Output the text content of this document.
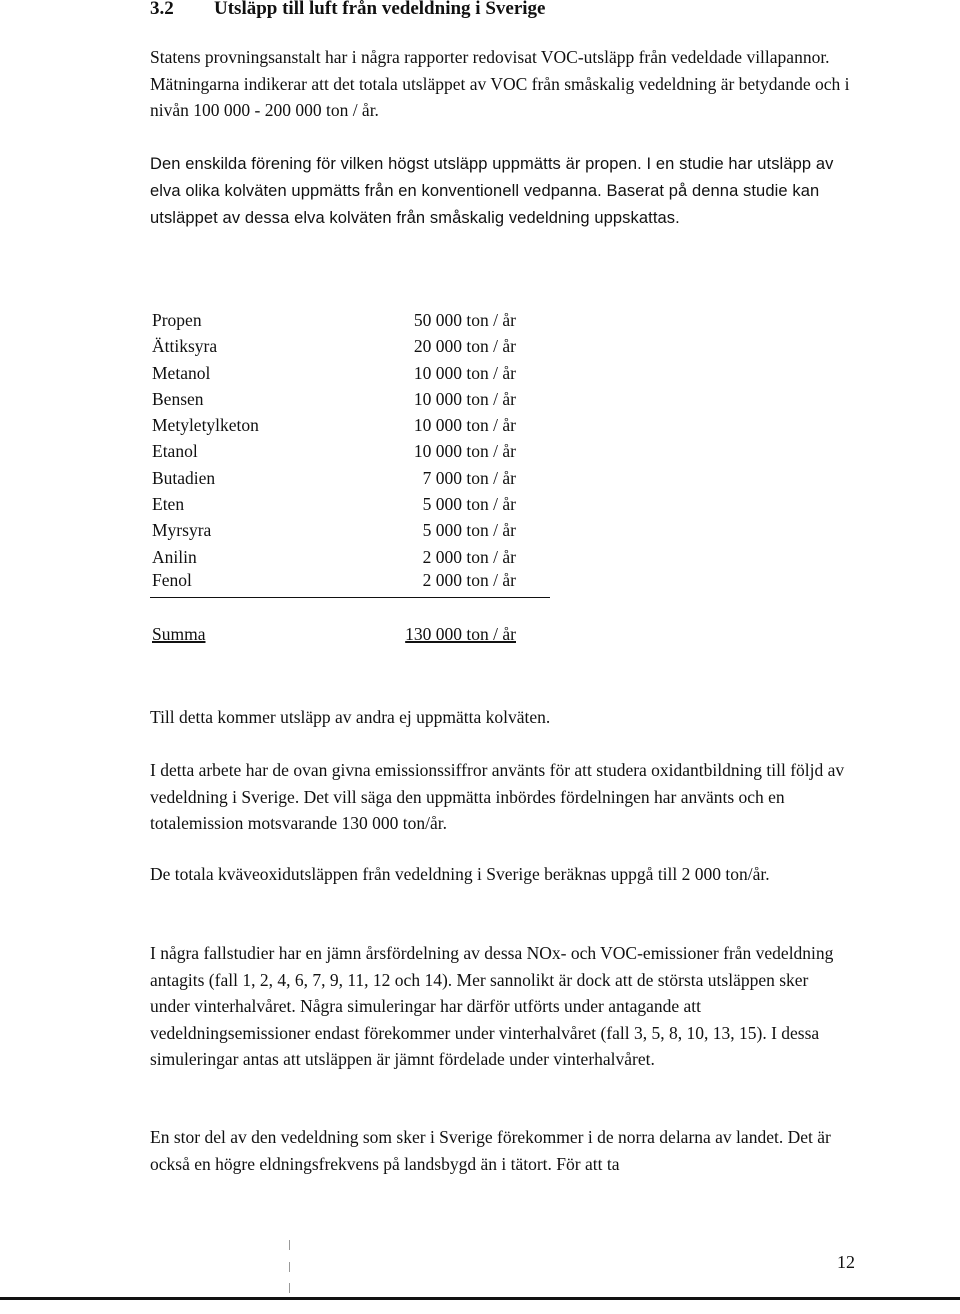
3.2 Utsläpp till luft från vedeldning i Sverige

Statens provningsanstalt har i några rapporter redovisat VOC-utsläpp från vedeldade villapannor. Mätningarna indikerar att det totala utsläppet av VOC från småskalig vedeldning är betydande och i nivån 100 000 - 200 000 ton / år.

Den enskilda förening för vilken högst utsläpp uppmätts är propen. I en studie har utsläpp av elva olika kolväten uppmätts från en konventionell vedpanna. Baserat på denna studie kan utsläppet av dessa elva kolväten från småskalig vedeldning uppskattas.

Propen	50 000 ton / år
Ättiksyra	20 000 ton / år
Metanol	10 000 ton / år
Bensen	10 000 ton / år
Metyletylketon	10 000 ton / år
Etanol	10 000 ton / år
Butadien	7 000 ton / år
Eten	5 000 ton / år
Myrsyra	5 000 ton / år
Anilin	2 000 ton / år
Fenol	2 000 ton / år
Summa	130 000 ton / år

Till detta kommer utsläpp av andra ej uppmätta kolväten.

I detta arbete har de ovan givna emissionssiffror använts för att studera oxidantbildning till följd av vedeldning i Sverige. Det vill säga den uppmätta inbördes fördelningen har använts och en totalemission motsvarande 130 000 ton/år.

De totala kväveoxidutsläppen från vedeldning i Sverige beräknas uppgå till 2 000 ton/år.

I några fallstudier har en jämn årsfördelning av dessa NOx- och VOC-emissioner från vedeldning antagits (fall 1, 2, 4, 6, 7, 9, 11, 12 och 14). Mer sannolikt är dock att de största utsläppen sker under vinterhalvåret. Några simuleringar har därför utförts under antagande att vedeldningsemissioner endast förekommer under vinterhalvåret (fall 3, 5, 8, 10, 13, 15). I dessa simuleringar antas att utsläppen är jämnt fördelade under vinterhalvåret.

En stor del av den vedeldning som sker i Sverige förekommer i de norra delarna av landet. Det är också en högre eldningsfrekvens på landsbygd än i tätort. För att ta

12
